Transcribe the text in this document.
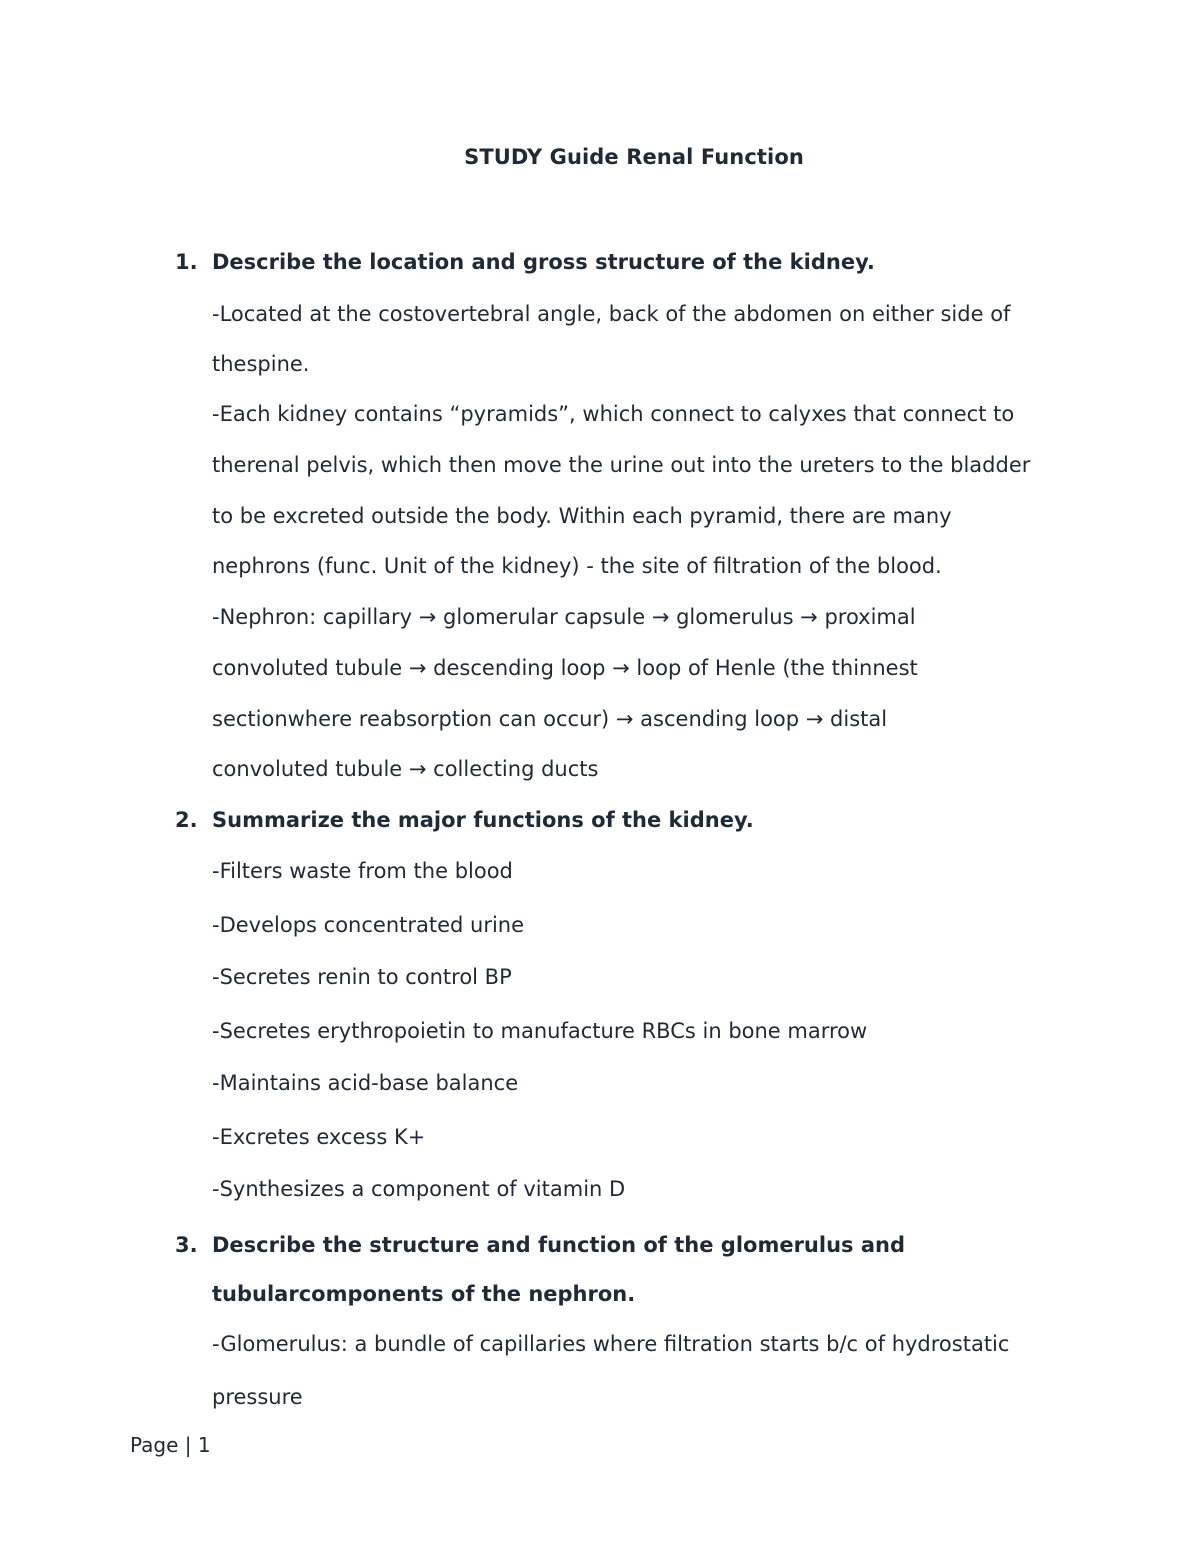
STUDY Guide Renal Function
1. Describe the location and gross structure of the kidney.
-Located at the costovertebral angle, back of the abdomen on either side of
thespine.
-Each kidney contains “pyramids”, which connect to calyxes that connect to
therenal pelvis, which then move the urine out into the ureters to the bladder
to be excreted outside the body. Within each pyramid, there are many
nephrons (func. Unit of the kidney) - the site of filtration of the blood.
-Nephron: capillary → glomerular capsule → glomerulus → proximal
convoluted tubule → descending loop → loop of Henle (the thinnest
sectionwhere reabsorption can occur) → ascending loop → distal
convoluted tubule → collecting ducts
2. Summarize the major functions of the kidney.
-Filters waste from the blood
-Develops concentrated urine
-Secretes renin to control BP
-Secretes erythropoietin to manufacture RBCs in bone marrow
-Maintains acid-base balance
-Excretes excess K+
-Synthesizes a component of vitamin D
3. Describe the structure and function of the glomerulus and
tubularcomponents of the nephron.
-Glomerulus: a bundle of capillaries where filtration starts b/c of hydrostatic
pressure
Page | 1
